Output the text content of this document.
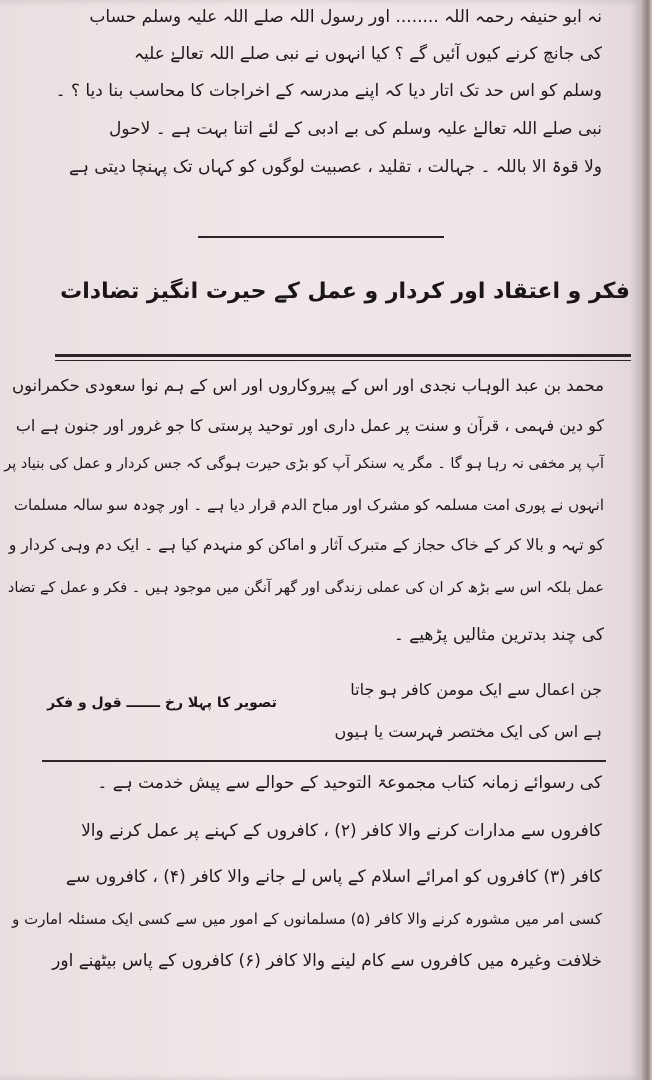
نہ ابو حنیفہ رحمہ اللہ ........ اور رسول اللہ صلے اللہ علیہ وسلم حساب
کی جانچ کرنے کیوں آئیں گے ؟ کیا انہوں نے نبی صلے اللہ تعالےٰ علیہ
وسلم کو اس حد تک اتار دیا کہ اپنے مدرسہ کے اخراجات کا محاسب بنا دیا ؟ ۔
نبی صلے اللہ تعالےٰ علیہ وسلم کی بے ادبی کے لئے اتنا بہت ہے ۔ لاحول
ولا قوۃ الا باللہ ۔ جہالت ، تقلید ، عصبیت لوگوں کو کہاں تک پہنچا دیتی ہے
فکر و اعتقاد اور کردار و عمل کے حیرت انگیز تضادات
محمد بن عبد الوہاب نجدی اور اس کے پیروکاروں اور اس کے ہم نوا سعودی حکمرانوں
کو دین فہمی ، قرآن و سنت پر عمل داری اور توحید پرستی کا جو غرور اور جنون ہے اب
آپ پر مخفی نہ رہا ہو گا ۔ مگر یہ سنکر آپ کو بڑی حیرت ہوگی کہ جس کردار و عمل کی بنیاد پر
انہوں نے پوری امت مسلمہ کو مشرک اور مباح الدم قرار دیا ہے ۔ اور چودہ سو سالہ مسلمات
کو تہہ و بالا کر کے خاک حجاز کے متبرک آثار و اماکن کو منہدم کیا ہے ۔ ایک دم وہی کردار و
عمل بلکہ اس سے بڑھ کر ان کی عملی زندگی اور گھر آنگن میں موجود ہیں ۔ فکر و عمل کے تضاد
کی چند بدترین مثالیں پڑھیے ۔
تصویر کا پہلا رخ ـــــــ قول و فکر
جن اعمال سے ایک مومن کافر ہو جاتا
ہے اس کی ایک مختصر فہرست یا ہیوں
کی رسوائے زمانہ کتاب مجموعۃ التوحید کے حوالے سے پیش خدمت ہے ۔
کافروں سے مدارات کرنے والا کافر (۲) ، کافروں کے کہنے پر عمل کرنے والا
کافر (۳) کافروں کو امرائے اسلام کے پاس لے جانے والا کافر (۴) ، کافروں سے
کسی امر میں مشورہ کرنے والا کافر (۵) مسلمانوں کے امور میں سے کسی ایک مسئلہ امارت و
خلافت وغیرہ میں کافروں سے کام لینے والا کافر (۶) کافروں کے پاس بیٹھنے اور
